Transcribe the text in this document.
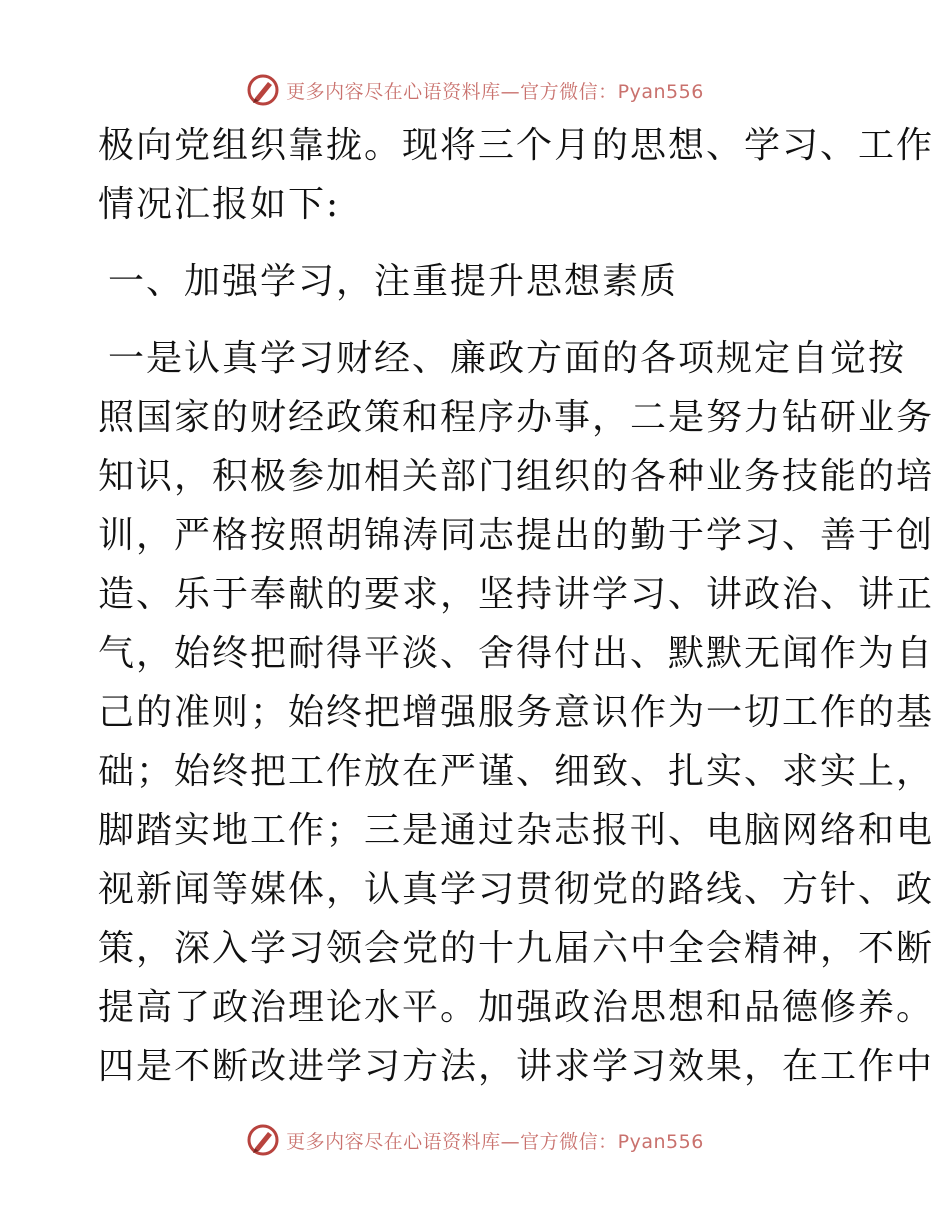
更多内容尽在心语资料库—官方微信：Pyan556
极向党组织靠拢。现将三个月的思想、学习、工作
情况汇报如下:
一、加强学习，注重提升思想素质
一是认真学习财经、廉政方面的各项规定自觉按
照国家的财经政策和程序办事，二是努力钻研业务
知识，积极参加相关部门组织的各种业务技能的培
训，严格按照胡锦涛同志提出的勤于学习、善于创
造、乐于奉献的要求，坚持讲学习、讲政治、讲正
气，始终把耐得平淡、舍得付出、默默无闻作为自
己的准则；始终把增强服务意识作为一切工作的基
础；始终把工作放在严谨、细致、扎实、求实上，
脚踏实地工作；三是通过杂志报刊、电脑网络和电
视新闻等媒体，认真学习贯彻党的路线、方针、政
策，深入学习领会党的十九届六中全会精神，不断
提高了政治理论水平。加强政治思想和品德修养。
四是不断改进学习方法，讲求学习效果，在工作中
更多内容尽在心语资料库—官方微信：Pyan556
